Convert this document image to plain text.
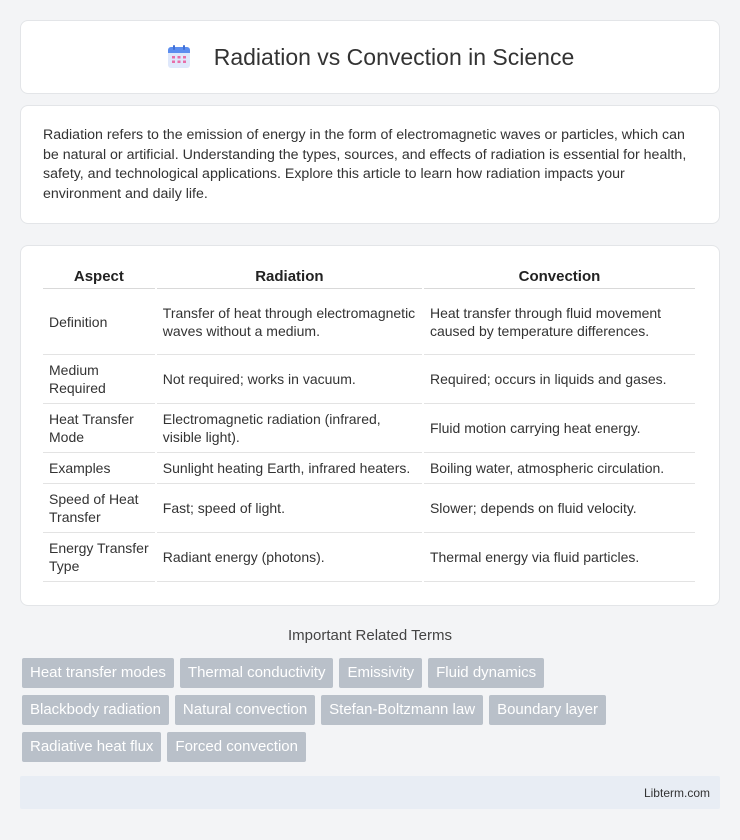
Radiation vs Convection in Science

Radiation refers to the emission of energy in the form of electromagnetic waves or particles, which can be natural or artificial. Understanding the types, sources, and effects of radiation is essential for health, safety, and technological applications. Explore this article to learn how radiation impacts your environment and daily life.

Aspect	Radiation	Convection
Definition	Transfer of heat through electromagnetic waves without a medium.	Heat transfer through fluid movement caused by temperature differences.
Medium Required	Not required; works in vacuum.	Required; occurs in liquids and gases.
Heat Transfer Mode	Electromagnetic radiation (infrared, visible light).	Fluid motion carrying heat energy.
Examples	Sunlight heating Earth, infrared heaters.	Boiling water, atmospheric circulation.
Speed of Heat Transfer	Fast; speed of light.	Slower; depends on fluid velocity.
Energy Transfer Type	Radiant energy (photons).	Thermal energy via fluid particles.
Important Related Terms
Heat transfer modes	Thermal conductivity	Emissivity	Fluid dynamics
Blackbody radiation	Natural convection	Stefan-Boltzmann law	Boundary layer
Radiative heat flux	Forced convection
Libterm.com
